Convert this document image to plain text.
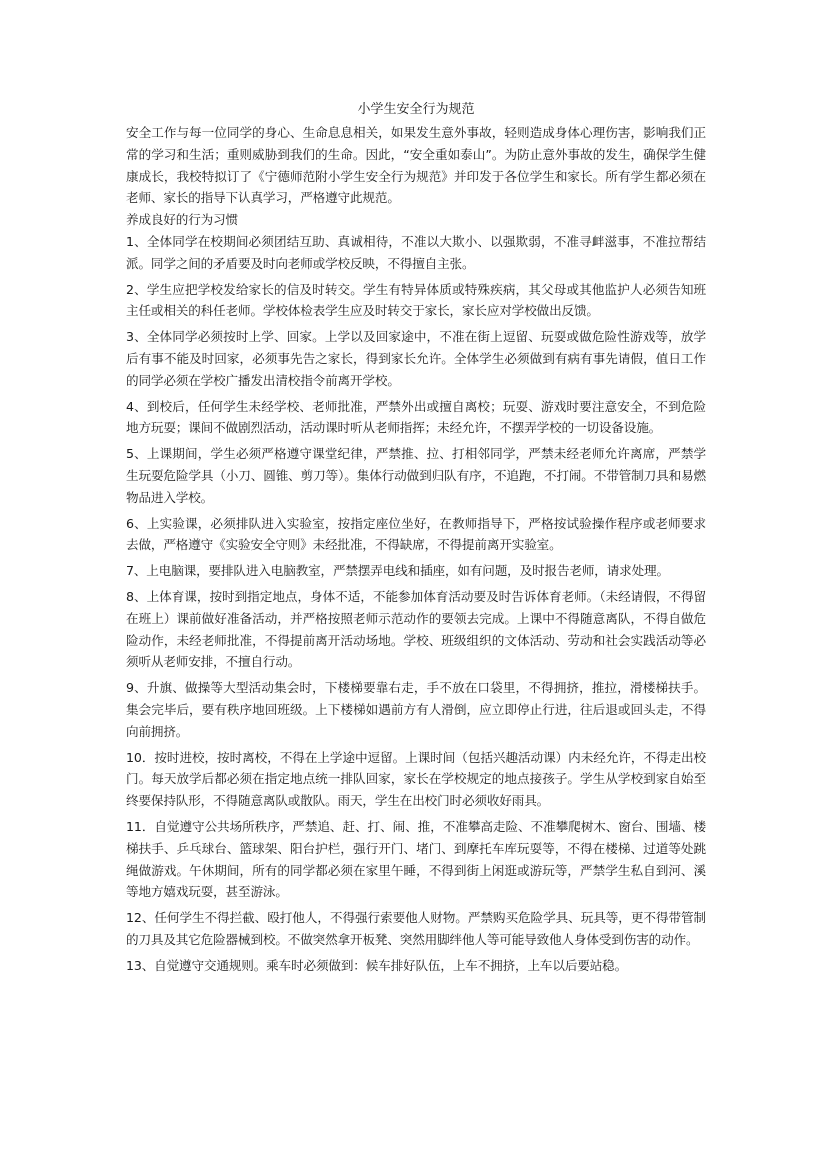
小学生安全行为规范

安全工作与每一位同学的身心、生命息息相关，如果发生意外事故，轻则造成身体心理伤害，影响我们正常的学习和生活；重则威胁到我们的生命。因此，“安全重如泰山”。为防止意外事故的发生，确保学生健康成长，我校特拟订了《宁德师范附小学生安全行为规范》并印发于各位学生和家长。所有学生都必须在老师、家长的指导下认真学习，严格遵守此规范。

养成良好的行为习惯

1、全体同学在校期间必须团结互助、真诚相待，不准以大欺小、以强欺弱，不准寻衅滋事，不准拉帮结派。同学之间的矛盾要及时向老师或学校反映，不得擅自主张。

2、学生应把学校发给家长的信及时转交。学生有特异体质或特殊疾病，其父母或其他监护人必须告知班主任或相关的科任老师。学校体检表学生应及时转交于家长，家长应对学校做出反馈。

3、全体同学必须按时上学、回家。上学以及回家途中，不准在街上逗留、玩耍或做危险性游戏等，放学后有事不能及时回家，必须事先告之家长，得到家长允许。全体学生必须做到有病有事先请假，值日工作的同学必须在学校广播发出清校指令前离开学校。

4、到校后，任何学生未经学校、老师批准，严禁外出或擅自离校；玩耍、游戏时要注意安全，不到危险地方玩耍；课间不做剧烈活动，活动课时听从老师指挥；未经允许，不摆弄学校的一切设备设施。

5、上课期间，学生必须严格遵守课堂纪律，严禁推、拉、打相邻同学，严禁未经老师允许离席，严禁学生玩耍危险学具（小刀、圆锥、剪刀等）。集体行动做到归队有序，不追跑，不打闹。不带管制刀具和易燃物品进入学校。

6、上实验课，必须排队进入实验室，按指定座位坐好，在教师指导下，严格按试验操作程序或老师要求去做，严格遵守《实验安全守则》未经批准，不得缺席，不得提前离开实验室。

7、上电脑课，要排队进入电脑教室，严禁摆弄电线和插座，如有问题，及时报告老师，请求处理。

8、上体育课，按时到指定地点，身体不适，不能参加体育活动要及时告诉体育老师。（未经请假，不得留在班上）课前做好准备活动，并严格按照老师示范动作的要领去完成。上课中不得随意离队，不得自做危险动作，未经老师批准，不得提前离开活动场地。学校、班级组织的文体活动、劳动和社会实践活动等必须听从老师安排，不擅自行动。

9、升旗、做操等大型活动集会时，下楼梯要靠右走，手不放在口袋里，不得拥挤，推拉，滑楼梯扶手。集会完毕后，要有秩序地回班级。上下楼梯如遇前方有人滑倒，应立即停止行进，往后退或回头走，不得向前拥挤。

10．按时进校，按时离校，不得在上学途中逗留。上课时间（包括兴趣活动课）内未经允许，不得走出校门。每天放学后都必须在指定地点统一排队回家，家长在学校规定的地点接孩子。学生从学校到家自始至终要保持队形，不得随意离队或散队。雨天，学生在出校门时必须收好雨具。

11．自觉遵守公共场所秩序，严禁追、赶、打、闹、推，不准攀高走险、不准攀爬树木、窗台、围墙、楼梯扶手、乒乓球台、篮球架、阳台护栏，强行开门、堵门、到摩托车库玩耍等，不得在楼梯、过道等处跳绳做游戏。午休期间，所有的同学都必须在家里午睡，不得到街上闲逛或游玩等，严禁学生私自到河、溪等地方嬉戏玩耍，甚至游泳。

12、任何学生不得拦截、殴打他人，不得强行索要他人财物。严禁购买危险学具、玩具等，更不得带管制的刀具及其它危险器械到校。不做突然拿开板凳、突然用脚绊他人等可能导致他人身体受到伤害的动作。

13、自觉遵守交通规则。乘车时必须做到：候车排好队伍，上车不拥挤，上车以后要站稳。
